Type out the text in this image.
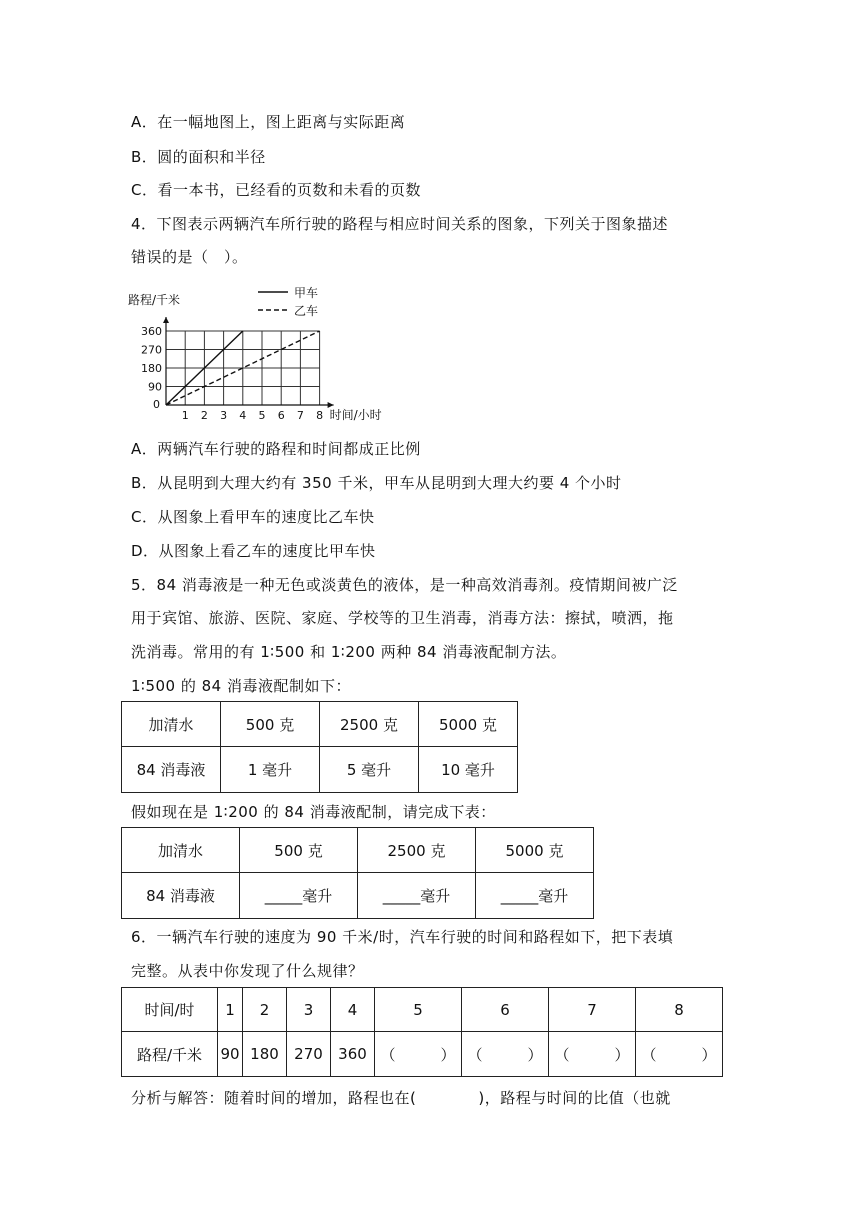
A．在一幅地图上，图上距离与实际距离
B．圆的面积和半径
C．看一本书，已经看的页数和未看的页数
4．下图表示两辆汽车所行驶的路程与相应时间关系的图象，下列关于图象描述
错误的是（　）。
甲车
乙车
1 2 3 4 5 6 7 8
90
180
270
360
0
路程/千米
时间/小时
A．两辆汽车行驶的路程和时间都成正比例
B．从昆明到大理大约有 350 千米，甲车从昆明到大理大约要 4 个小时
C．从图象上看甲车的速度比乙车快
D．从图象上看乙车的速度比甲车快
5．84 消毒液是一种无色或淡黄色的液体，是一种高效消毒剂。疫情期间被广泛
用于宾馆、旅游、医院、家庭、学校等的卫生消毒，消毒方法：擦拭，喷洒，拖
洗消毒。常用的有 1∶500 和 1∶200 两种 84 消毒液配制方法。
1∶500 的 84 消毒液配制如下：
加清水	500 克	2500 克	5000 克
84 消毒液	1 毫升	5 毫升	10 毫升
假如现在是 1∶200 的 84 消毒液配制，请完成下表：
加清水	500 克	2500 克	5000 克
84 消毒液	_____毫升	_____毫升	_____毫升
6．一辆汽车行驶的速度为 90 千米/时，汽车行驶的时间和路程如下，把下表填
完整。从表中你发现了什么规律？
时间/时	1	2	3	4	5	6	7	8
路程/千米	90	180	270	360	（　　　）	（　　　）	（　　　）	（　　　）
分析与解答：随着时间的增加，路程也在(　　　　)，路程与时间的比值（也就
